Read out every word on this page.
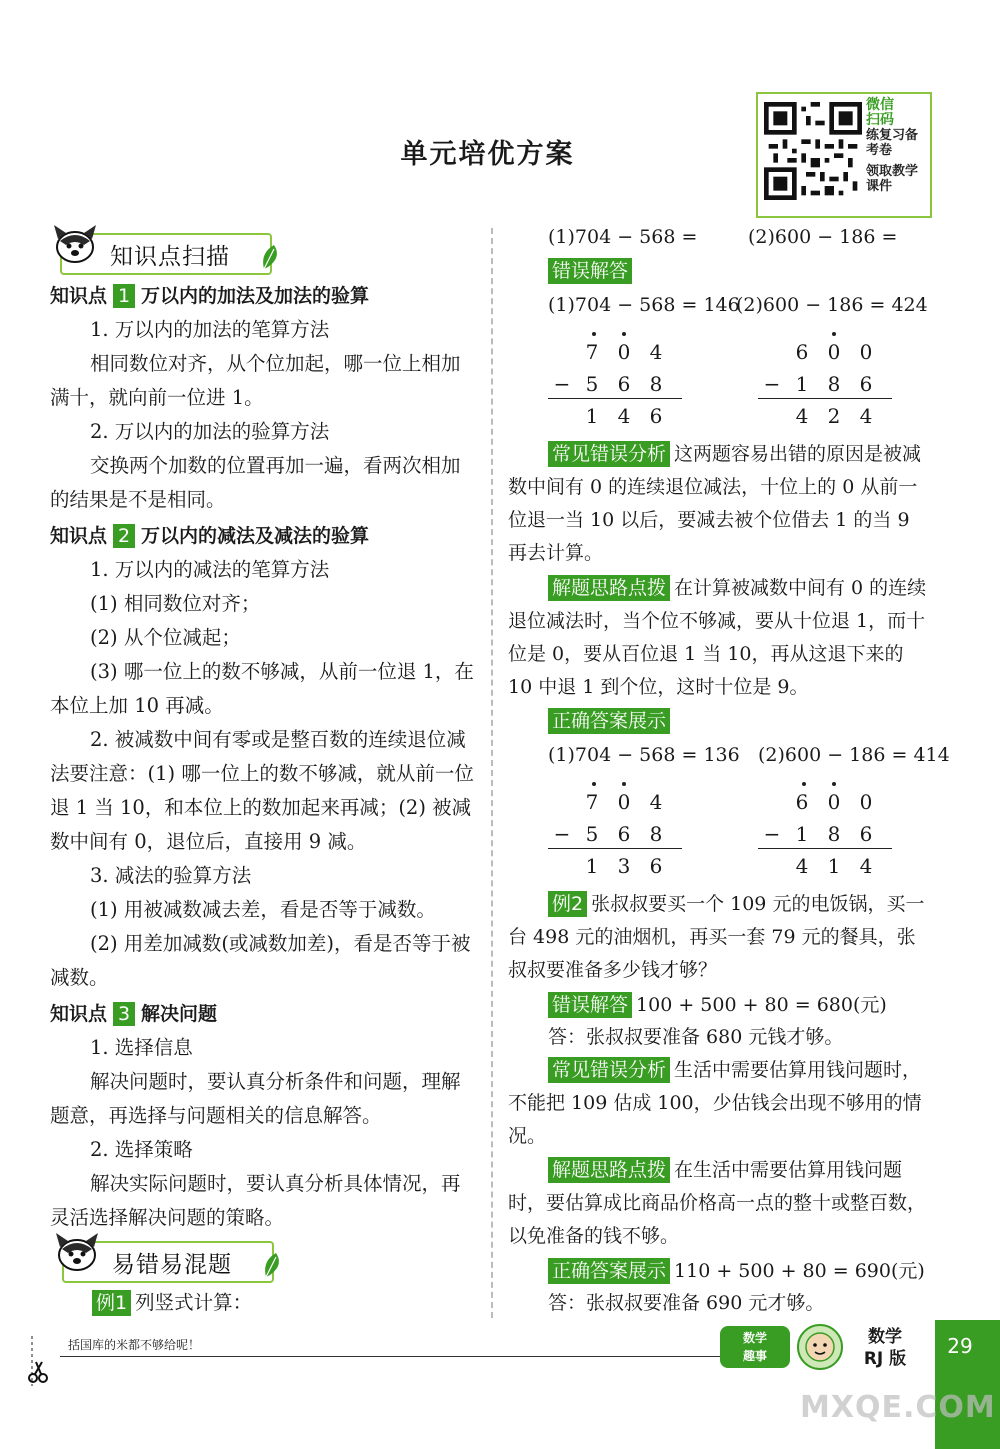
单元培优方案
微信
扫码
练复习备
考卷
领取教学
课件
知识点扫描

知识点 1 万以内的加法及加法的验算

1. 万以内的加法的笔算方法

相同数位对齐，从个位加起，哪一位上相加满十，就向前一位进 1。

2. 万以内的加法的验算方法

交换两个加数的位置再加一遍，看两次相加的结果是不是相同。

知识点 2 万以内的减法及减法的验算

1. 万以内的减法的笔算方法

(1) 相同数位对齐；

(2) 从个位减起；

(3) 哪一位上的数不够减，从前一位退 1，在本位上加 10 再减。

2. 被减数中间有零或是整百数的连续退位减法要注意：(1) 哪一位上的数不够减，就从前一位退 1 当 10，和本位上的数加起来再减；(2) 被减数中间有 0，退位后，直接用 9 减。

3. 减法的验算方法

(1) 用被减数减去差，看是否等于减数。

(2) 用差加减数(或减数加差)，看是否等于被减数。

知识点 3 解决问题

1. 选择信息

解决问题时，要认真分析条件和问题，理解题意，再选择与问题相关的信息解答。

2. 选择策略

解决实际问题时，要认真分析具体情况，再灵活选择解决问题的策略。

易错易混题
例1 列竖式计算：
(1)704 − 568 =	(2)600 − 186 =
错误解答
(1)704 − 568 = 146
(2)600 − 186 = 424
7 0 4
− 5 6 8
1 4 6
6 0 0
− 1 8 6
4 2 4
常见错误分析 这两题容易出错的原因是被减数中间有 0 的连续退位减法，十位上的 0 从前一位退一当 10 以后，要减去被个位借去 1 的当 9 再去计算。
解题思路点拨 在计算被减数中间有 0 的连续退位减法时，当个位不够减，要从十位退 1，而十位是 0，要从百位退 1 当 10，再从这退下来的 10 中退 1 到个位，这时十位是 9。
正确答案展示
(1)704 − 568 = 136 (2)600 − 186 = 414
7 0 4
− 5 6 8
1 3 6
6 0 0
− 1 8 6
4 1 4
例2 张叔叔要买一个 109 元的电饭锅，买一台 498 元的油烟机，再买一套 79 元的餐具，张叔叔要准备多少钱才够？
错误解答 100 + 500 + 80 = 680(元)
答：张叔叔要准备 680 元钱才够。
常见错误分析 生活中需要估算用钱问题时，不能把 109 估成 100，少估钱会出现不够用的情况。
解题思路点拨 在生活中需要估算用钱问题时，要估算成比商品价格高一点的整十或整百数，以免准备的钱不够。
正确答案展示 110 + 500 + 80 = 690(元)
答：张叔叔要准备 690 元才够。
括国库的米都不够给呢！	数学
趣事
数学
RJ 版
29
MXQE.COM
